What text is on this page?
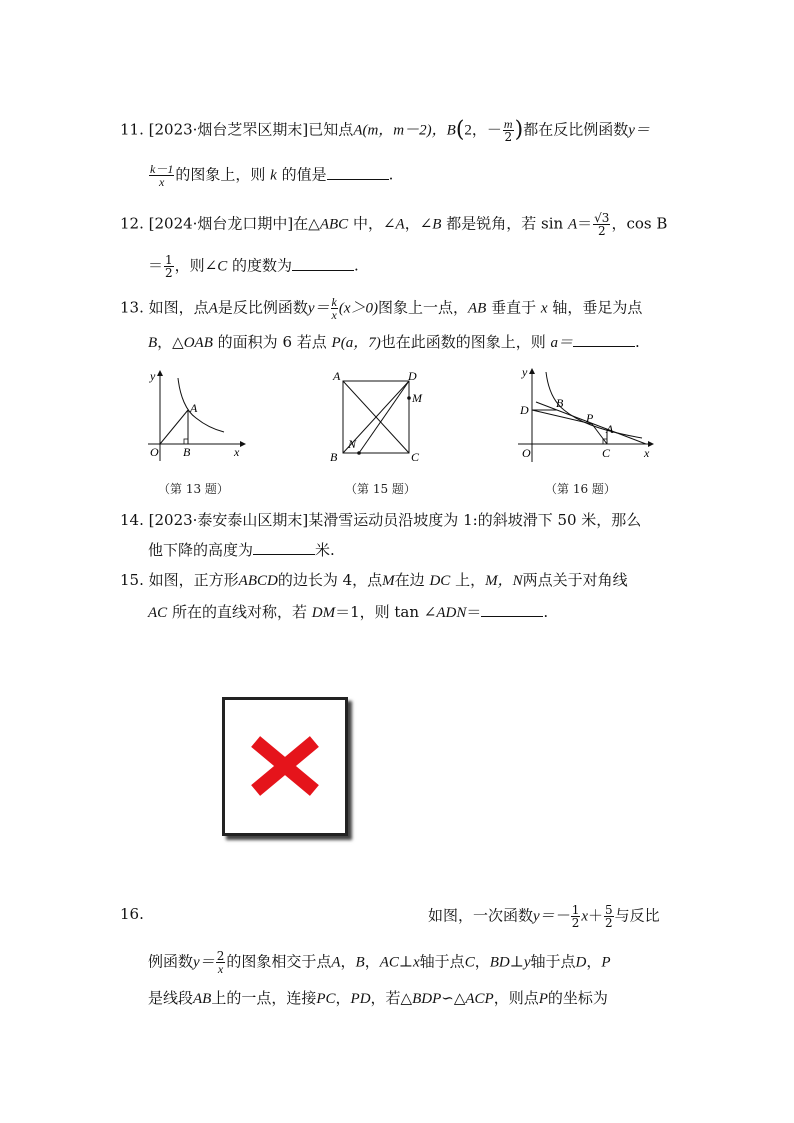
11. [2023·烟台芝罘区期末]已知点A(m，m－2)，B(2，－ $\frac{m}{2}$ )都在反比例函数y＝
$\frac{k-1}{x}$ 的图象上，则 k 的值是	.
12. [2024·烟台龙口期中]在△ABC 中，∠A，∠B 都是锐角，若 $\sin A= \frac{√3}{2}$ ，cos B
＝ $\frac{1}{2}$ ，则∠C 的度数为	.
13. 如图，点A是反比例函数$y= \frac{k}{x} (x>0)$图象上一点，AB 垂直于 x 轴，垂足为点
B，△OAB 的面积为 6 若点 P(a，7)也在此函数的图象上，则 a＝	.
y
x
O
A
B
（第 13 题）
A	D
M
N
B	C
（第 15 题）
y
x
O
D B
P
A
C
（第 16 题）
14. [2023·泰安泰山区期末]某滑雪运动员沿坡度为 1:的斜坡滑下 50 米，那么
他下降的高度为	米.
15. 如图，正方形ABCD的边长为 4，点M在边 DC 上，M，N两点关于对角线
AC 所在的直线对称，若 DM＝1，则 tan ∠ADN＝	.
16.	如图，一次函数$y=- \frac{1}{2} x+ \frac{5}{2}$ 与反比
例函数$y= \frac{2}{x}$ 的图象相交于点A，B，AC⊥x轴于点C，BD⊥y轴于点D，P
是线段AB上的一点，连接PC，PD，若△BDP∽△ACP，则点P的坐标为
